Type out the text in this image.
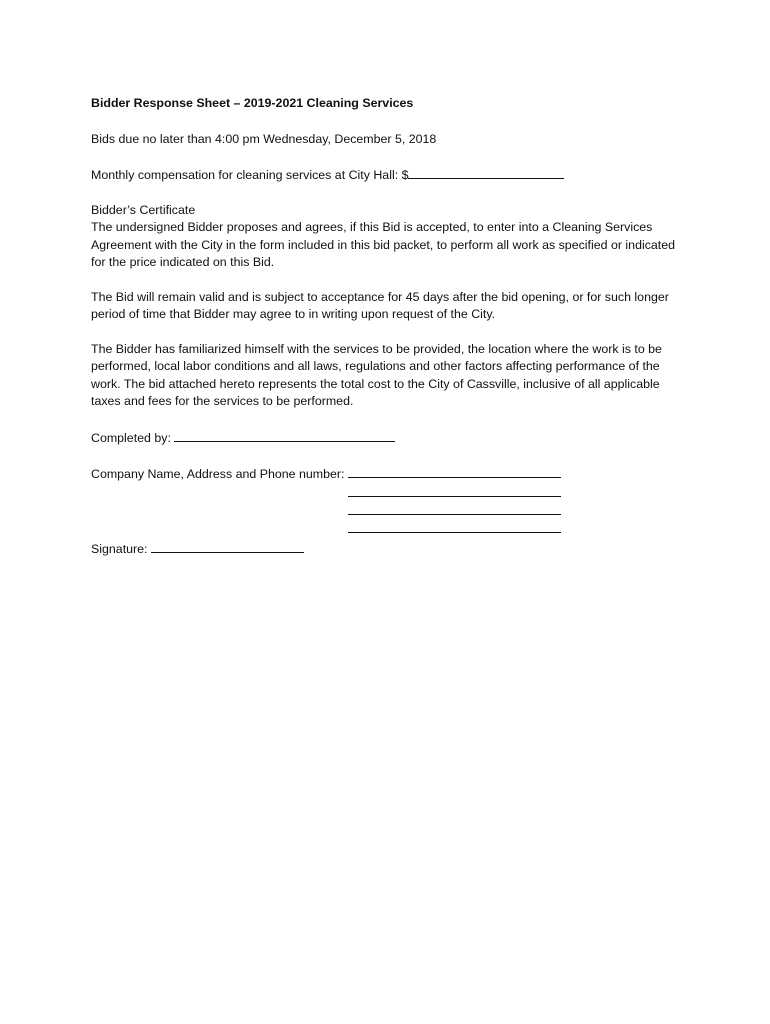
Bidder Response Sheet – 2019-2021 Cleaning Services

Bids due no later than 4:00 pm Wednesday, December 5, 2018

Monthly compensation for cleaning services at City Hall: $

Bidder’s Certificate

The undersigned Bidder proposes and agrees, if this Bid is accepted, to enter into a Cleaning Services Agreement with the City in the form included in this bid packet, to perform all work as specified or indicated for the price indicated on this Bid.

The Bid will remain valid and is subject to acceptance for 45 days after the bid opening, or for such longer period of time that Bidder may agree to in writing upon request of the City.

The Bidder has familiarized himself with the services to be provided, the location where the work is to be performed, local labor conditions and all laws, regulations and other factors affecting performance of the work. The bid attached hereto represents the total cost to the City of Cassville, inclusive of all applicable taxes and fees for the services to be performed.

Completed by:

Company Name, Address and Phone number:

Signature:
